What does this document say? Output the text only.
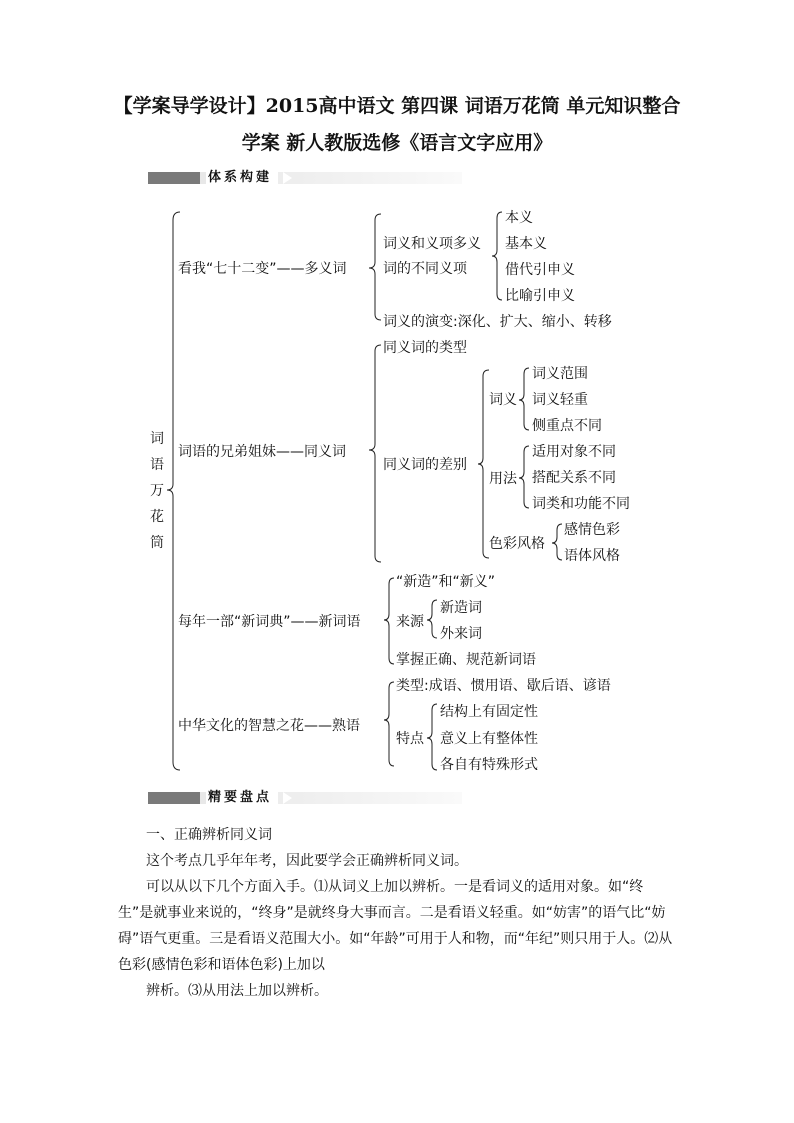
【学案导学设计】2015高中语文 第四课 词语万花筒 单元知识整合
学案 新人教版选修《语言文字应用》
体系构建
词语万花筒
看我“七十二变”——多义词
词义和义项多义
词的不同义项
本义
基本义
借代引申义
比喻引申义
词义的演变:深化、扩大、缩小、转移
词语的兄弟姐妹——同义词
同义词的类型
同义词的差别
词义
词义范围
词义轻重
侧重点不同
用法
适用对象不同
搭配关系不同
词类和功能不同
色彩风格
感情色彩
语体风格
每年一部“新词典”——新词语
“新造”和“新义”
来源
新造词
外来词
掌握正确、规范新词语
中华文化的智慧之花——熟语
类型:成语、惯用语、歇后语、谚语
特点
结构上有固定性
意义上有整体性
各自有特殊形式
精要盘点

一、正确辨析同义词

这个考点几乎年年考，因此要学会正确辨析同义词。

可以从以下几个方面入手。⑴从词义上加以辨析。一是看词义的适用对象。如“终生”是就事业来说的，“终身”是就终身大事而言。二是看语义轻重。如“妨害”的语气比“妨碍”语气更重。三是看语义范围大小。如“年龄”可用于人和物，而“年纪”则只用于人。⑵从色彩(感情色彩和语体色彩)上加以

辨析。⑶从用法上加以辨析。
